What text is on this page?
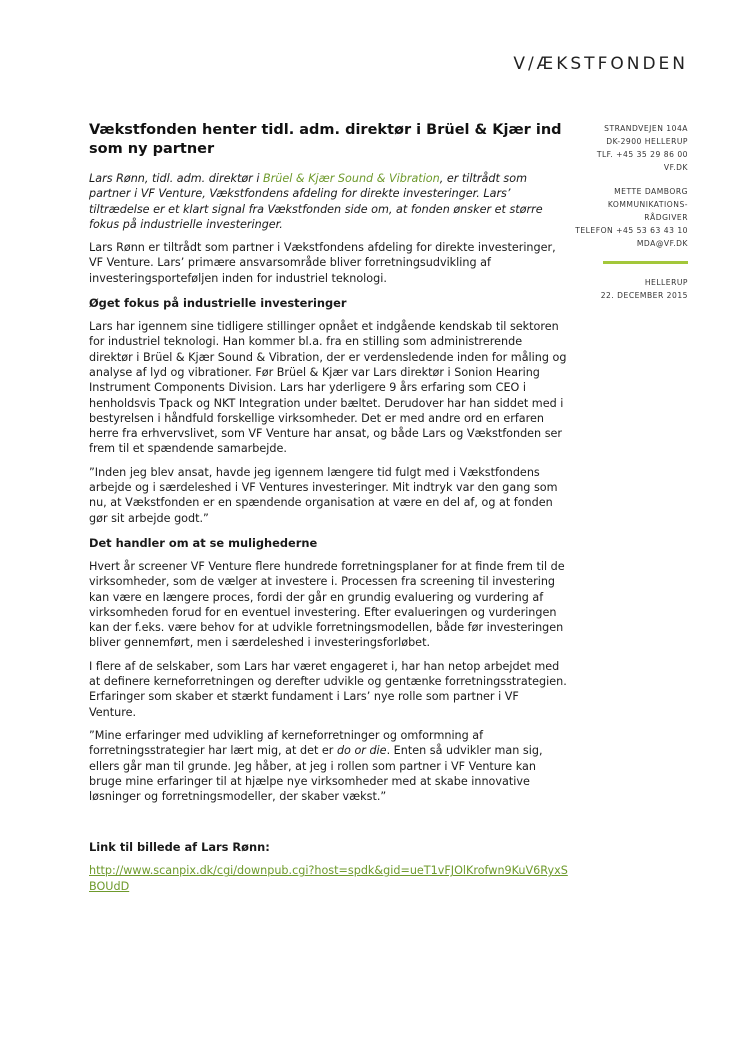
V/ÆKSTFONDEN
STRANDVEJEN 104A
DK-2900 HELLERUP
TLF. +45 35 29 86 00
VF.DK
METTE DAMBORG
KOMMUNIKATIONS-
RÅDGIVER
TELEFON +45 53 63 43 10
MDA@VF.DK
HELLERUP
22. DECEMBER 2015
Vækstfonden henter tidl. adm. direktør i Brüel & Kjær ind som ny partner

Lars Rønn, tidl. adm. direktør i Brüel & Kjær Sound & Vibration, er tiltrådt som partner i VF Venture, Vækstfondens afdeling for direkte investeringer. Lars’ tiltrædelse er et klart signal fra Vækstfonden side om, at fonden ønsker et større fokus på industrielle investeringer.

Lars Rønn er tiltrådt som partner i Vækstfondens afdeling for direkte investeringer, VF Venture. Lars’ primære ansvarsområde bliver forretningsudvikling af investeringsporteføljen inden for industriel teknologi.

Øget fokus på industrielle investeringer

Lars har igennem sine tidligere stillinger opnået et indgående kendskab til sektoren for industriel teknologi. Han kommer bl.a. fra en stilling som administrerende direktør i Brüel & Kjær Sound & Vibration, der er verdensledende inden for måling og analyse af lyd og vibrationer. Før Brüel & Kjær var Lars direktør i Sonion Hearing Instrument Components Division. Lars har yderligere 9 års erfaring som CEO i henholdsvis Tpack og NKT Integration under bæltet. Derudover har han siddet med i bestyrelsen i håndfuld forskellige virksomheder. Det er med andre ord en erfaren herre fra erhvervslivet, som VF Venture har ansat, og både Lars og Vækstfonden ser frem til et spændende samarbejde.

”Inden jeg blev ansat, havde jeg igennem længere tid fulgt med i Vækstfondens arbejde og i særdeleshed i VF Ventures investeringer. Mit indtryk var den gang som nu, at Vækstfonden er en spændende organisation at være en del af, og at fonden gør sit arbejde godt.”

Det handler om at se mulighederne

Hvert år screener VF Venture flere hundrede forretningsplaner for at finde frem til de virksomheder, som de vælger at investere i. Processen fra screening til investering kan være en længere proces, fordi der går en grundig evaluering og vurdering af virksomheden forud for en eventuel investering. Efter evalueringen og vurderingen kan der f.eks. være behov for at udvikle forretningsmodellen, både før investeringen bliver gennemført, men i særdeleshed i investeringsforløbet.

I flere af de selskaber, som Lars har været engageret i, har han netop arbejdet med at definere kerneforretningen og derefter udvikle og gentænke forretningsstrategien. Erfaringer som skaber et stærkt fundament i Lars’ nye rolle som partner i VF Venture.

”Mine erfaringer med udvikling af kerneforretninger og omformning af forretningsstrategier har lært mig, at det er do or die. Enten så udvikler man sig, ellers går man til grunde. Jeg håber, at jeg i rollen som partner i VF Venture kan bruge mine erfaringer til at hjælpe nye virksomheder med at skabe innovative løsninger og forretningsmodeller, der skaber vækst.”

Link til billede af Lars Rønn:

http://www.scanpix.dk/cgi/downpub.cgi?host=spdk&gid=ueT1vFJOlKrofwn9KuV6RyxSBOUdD
